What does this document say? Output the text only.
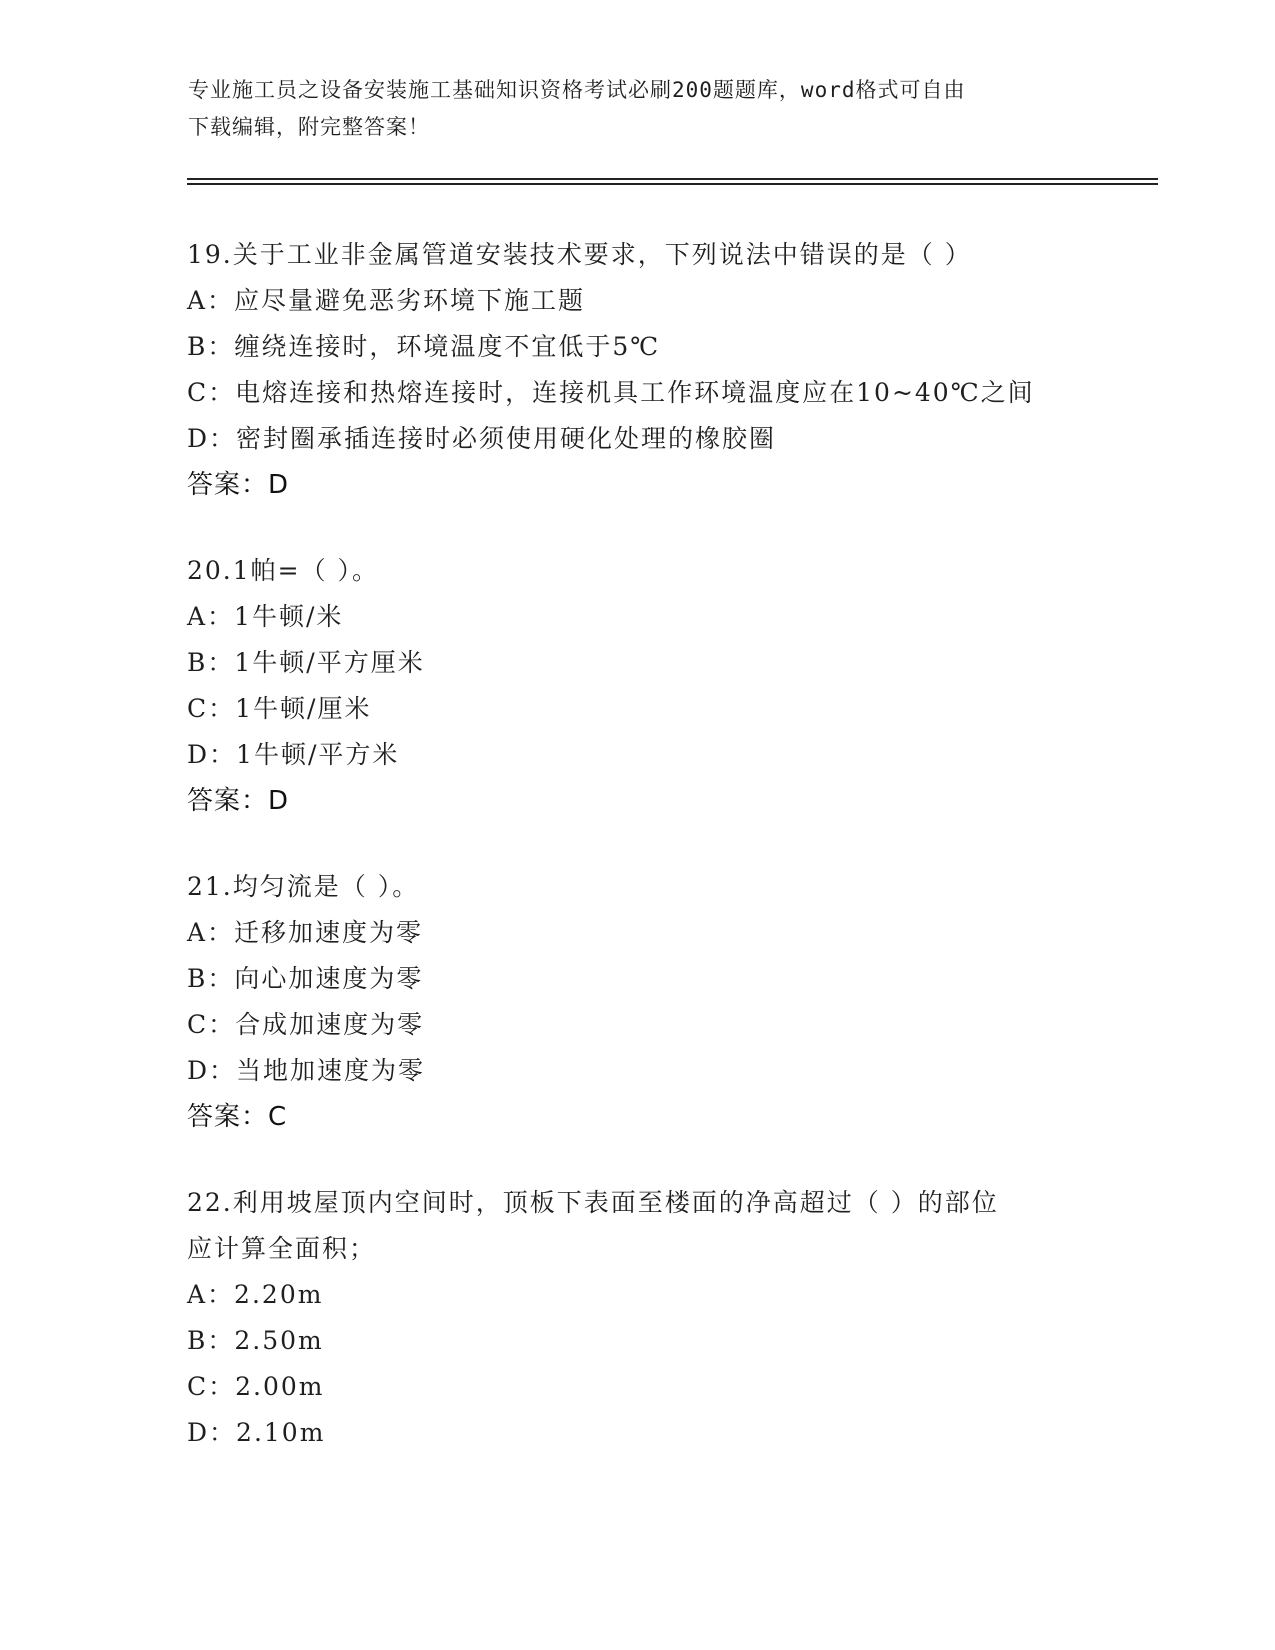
专业施工员之设备安装施工基础知识资格考试必刷200题题库，word格式可自由
下载编辑，附完整答案！
19.关于工业非金属管道安装技术要求，下列说法中错误的是（ ）
A：应尽量避免恶劣环境下施工题
B：缠绕连接时，环境温度不宜低于5℃
C：电熔连接和热熔连接时，连接机具工作环境温度应在10~40℃之间
D：密封圈承插连接时必须使用硬化处理的橡胶圈
答案：D
20.1帕=（ ）。
A：1牛顿/米
B：1牛顿/平方厘米
C：1牛顿/厘米
D：1牛顿/平方米
答案：D
21.均匀流是（ ）。
A：迁移加速度为零
B：向心加速度为零
C：合成加速度为零
D：当地加速度为零
答案：C
22.利用坡屋顶内空间时，顶板下表面至楼面的净高超过（ ）的部位
应计算全面积；
A：2.20m
B：2.50m
C：2.00m
D：2.10m
